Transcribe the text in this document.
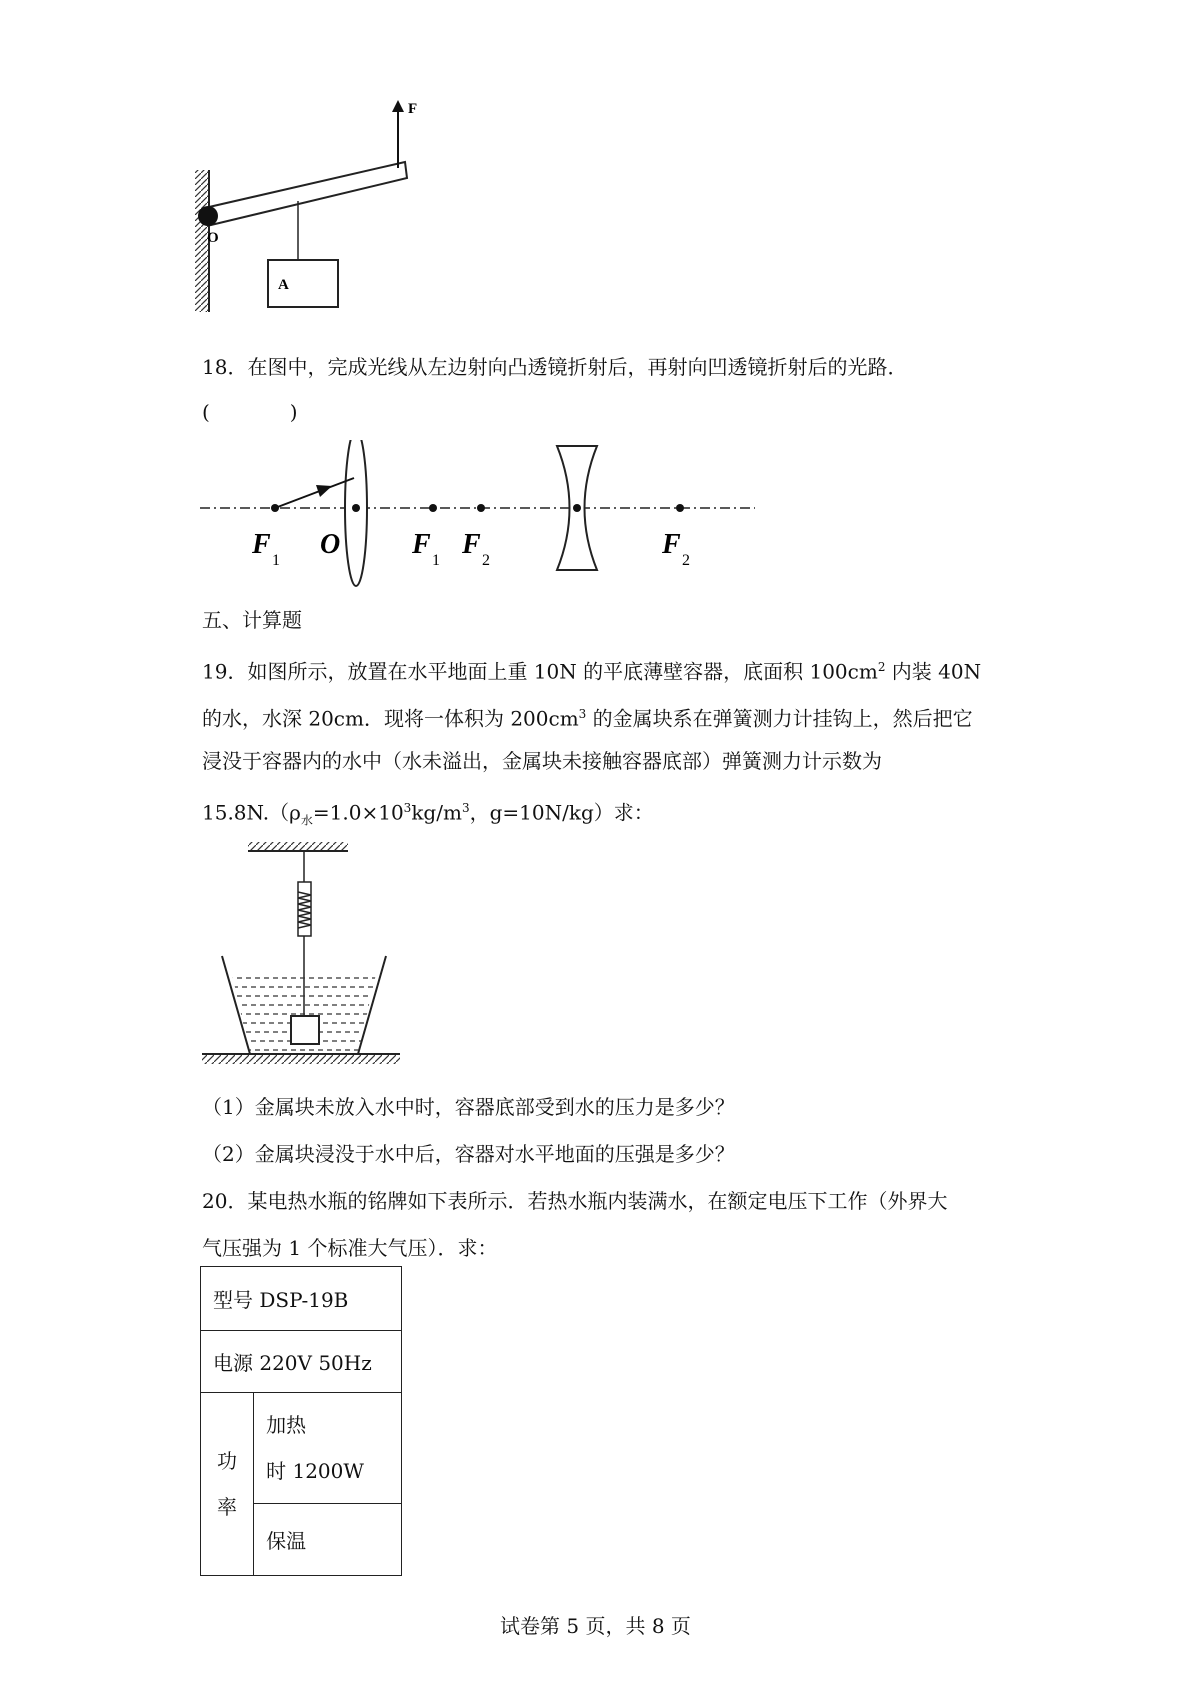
F
O
A
18．在图中，完成光线从左边射向凸透镜折射后，再射向凹透镜折射后的光路．
(　　　　)
F O	F F	F
1	1	2	2
五、计算题
19．如图所示，放置在水平地面上重 10N 的平底薄壁容器，底面积 $100cm^2$ 内装 40N
的水，水深 20cm．现将一体积为 $200cm^3$ 的金属块系在弹簧测力计挂钩上，然后把它
浸没于容器内的水中（水未溢出，金属块未接触容器底部）弹簧测力计示数为
$15.8N.(\rho_水=1.0\times 10^3kg/m^3$，g=10N/kg）求：
（1）金属块未放入水中时，容器底部受到水的压力是多少？
（2）金属块浸没于水中后，容器对水平地面的压强是多少？
20．某电热水瓶的铭牌如下表所示．若热水瓶内装满水，在额定电压下工作（外界大
气压强为 1 个标准大气压）．求：
型号 DSP-19B
电源 220V 50Hz
功
率	加热
时 1200W
保温
试卷第 5 页，共 8 页
